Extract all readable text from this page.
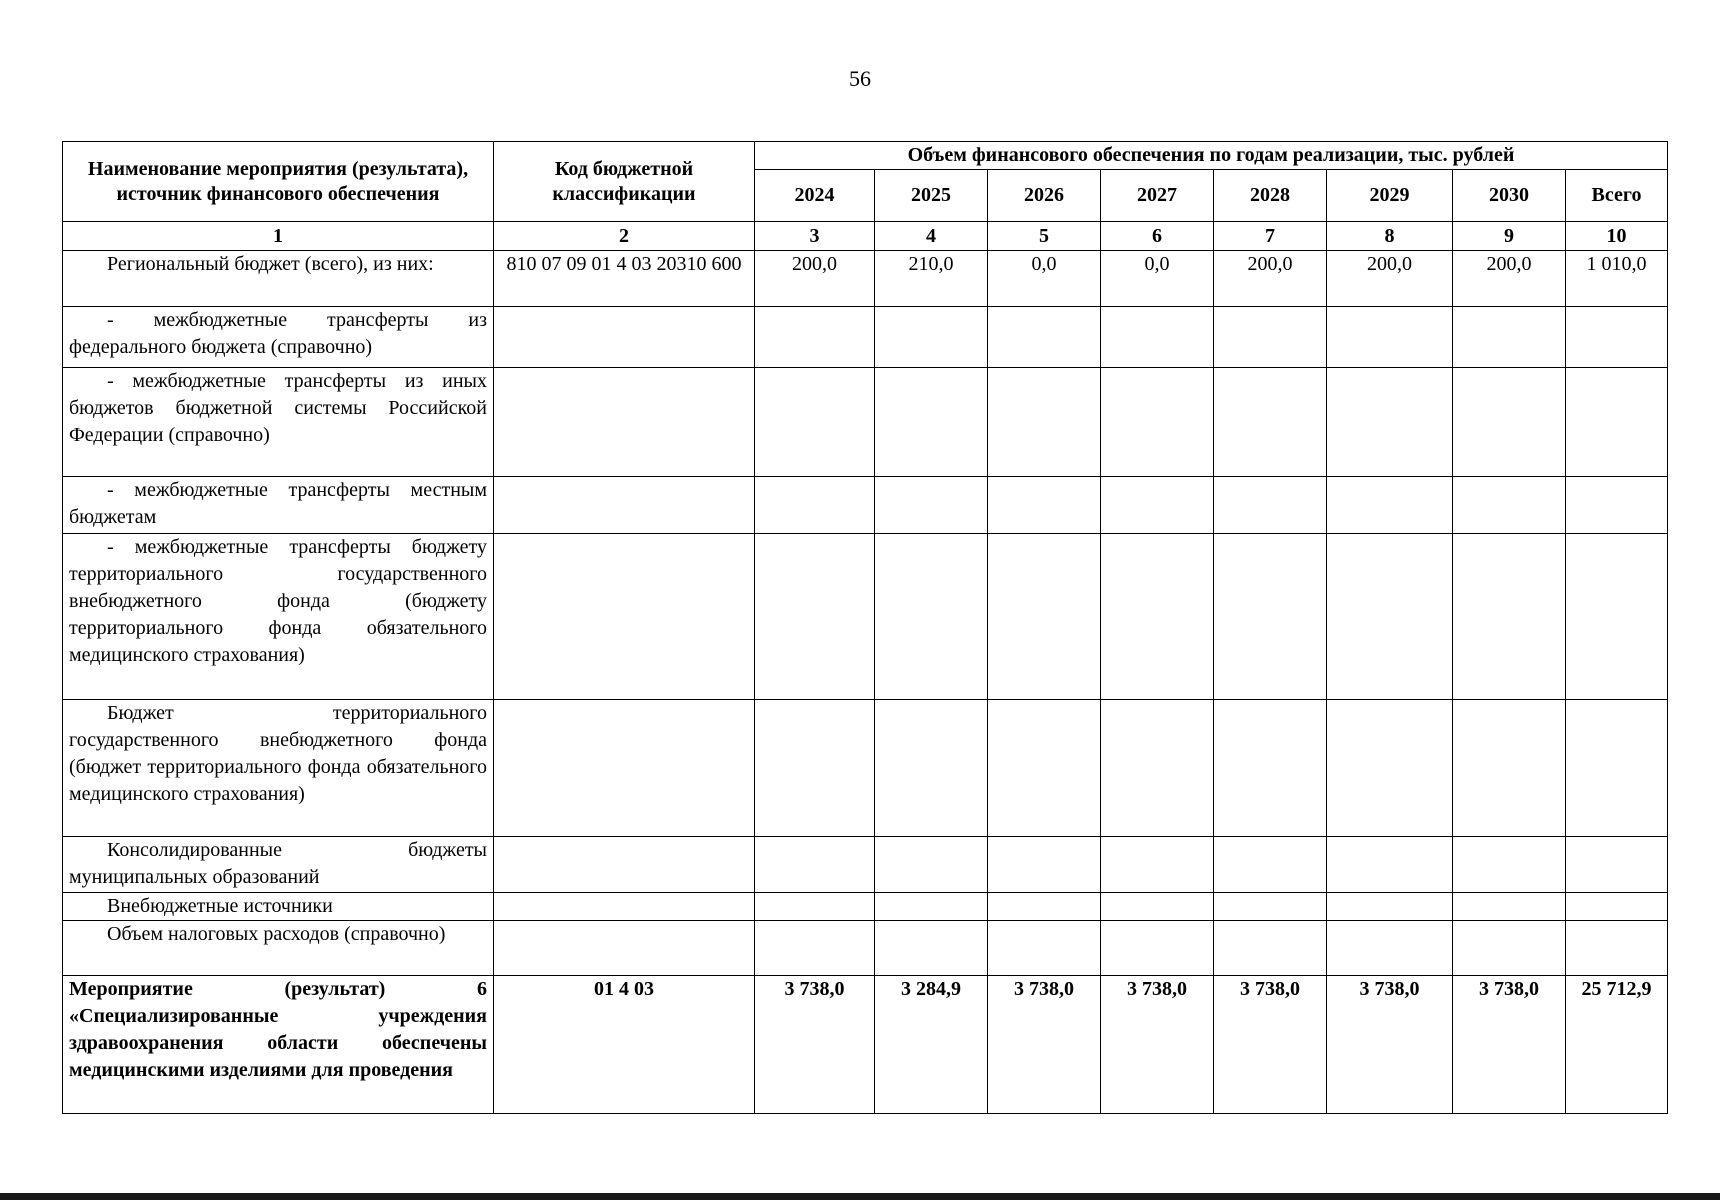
56
Наименование мероприятия (результата), источник финансового обеспечения	Код бюджетной классификации	Объем финансового обеспечения по годам реализации, тыс. рублей							
		2024	2025	2026	2027	2028	2029	2030	Всего
1	2	3	4	5	6	7	8	9	10
Региональный бюджет (всего), из них:	810 07 09 01 4 03 20310 600	200,0	210,0	0,0	0,0	200,0	200,0	200,0	1 010,0
- межбюджетные трансферты из федерального бюджета (справочно)									
- межбюджетные трансферты из иных бюджетов бюджетной системы Российской Федерации (справочно)									
- межбюджетные трансферты местным бюджетам									
- межбюджетные трансферты бюджету территориального государственного внебюджетного фонда (бюджету территориального фонда обязательного медицинского страхования)									
Бюджет территориального государственного внебюджетного фонда (бюджет территориального фонда обязательного медицинского страхования)									
Консолидированные бюджеты муниципальных образований									
Внебюджетные источники									
Объем налоговых расходов (справочно)									
Мероприятие (результат) 6 «Специализированные учреждения здравоохранения области обеспечены медицинскими изделиями для проведения	01 4 03	3 738,0	3 284,9	3 738,0	3 738,0	3 738,0	3 738,0	3 738,0	25 712,9
